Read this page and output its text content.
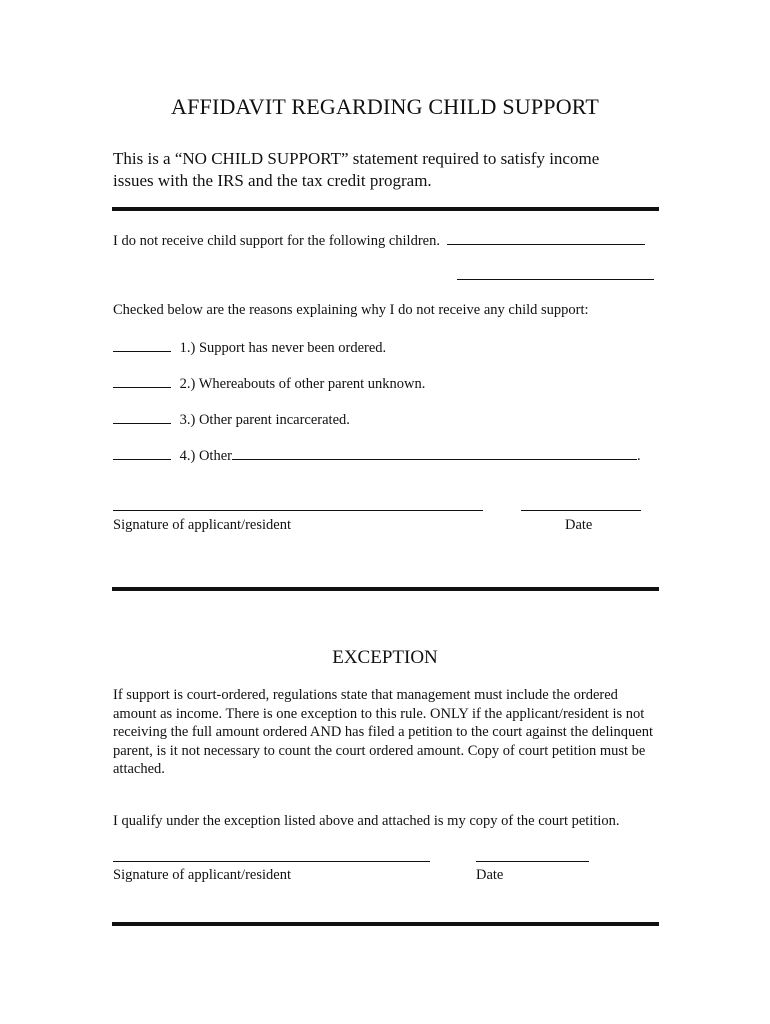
AFFIDAVIT REGARDING CHILD SUPPORT
This is a “NO CHILD SUPPORT” statement required to satisfy income issues with the IRS and the tax credit program.
I do not receive child support for the following children.
Checked below are the reasons explaining why I do not receive any child support:
1.) Support has never been ordered.
2.) Whereabouts of other parent unknown.
3.) Other parent incarcerated.
4.) Other	.
Signature of applicant/resident	Date
EXCEPTION
If support is court-ordered, regulations state that management must include the ordered amount as income. There is one exception to this rule. ONLY if the applicant/resident is not receiving the full amount ordered AND has filed a petition to the court against the delinquent parent, is it not necessary to count the court ordered amount. Copy of court petition must be attached.
I qualify under the exception listed above and attached is my copy of the court petition.
Signature of applicant/resident	Date
